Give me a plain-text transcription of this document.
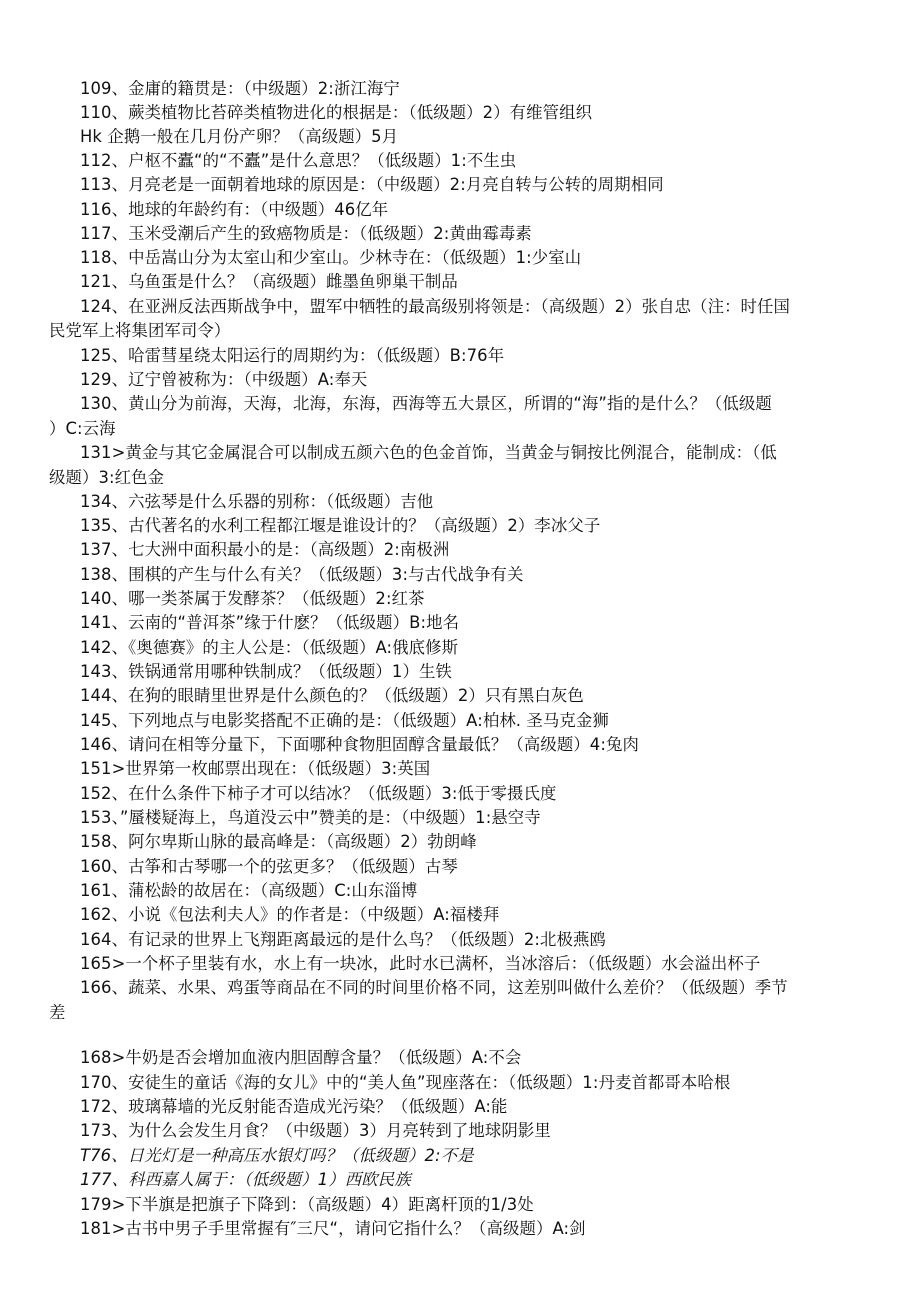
109、金庸的籍贯是：（中级题）2:浙江海宁
110、蕨类植物比苔碎类植物进化的根据是：（低级题）2）有维管组织
Hk 企鹅一般在几月份产卵？（高级题）5月
112、户枢不蠹“的“不蠹”是什么意思？（低级题）1:不生虫
113、月亮老是一面朝着地球的原因是：（中级题）2:月亮自转与公转的周期相同
116、地球的年龄约有：（中级题）46亿年
117、玉米受潮后产生的致癌物质是：（低级题）2:黄曲霉毒素
118、中岳嵩山分为太室山和少室山。少林寺在：（低级题）1:少室山
121、乌鱼蛋是什么？（高级题）雌墨鱼卵巢干制品
124、在亚洲反法西斯战争中，盟军中牺牲的最高级别将领是：（高级题）2）张自忠（注：时任国
民党军上将集团军司令）
125、哈雷彗星绕太阳运行的周期约为：（低级题）B:76年
129、辽宁曾被称为：（中级题）A:奉天
130、黄山分为前海，天海，北海，东海，西海等五大景区，所谓的“海”指的是什么？（低级题
）C:云海
131>黄金与其它金属混合可以制成五颜六色的色金首饰，当黄金与铜按比例混合，能制成：（低
级题）3:红色金
134、六弦琴是什么乐器的别称：（低级题）吉他
135、古代著名的水利工程都江堰是谁设计的？（高级题）2）李冰父子
137、七大洲中面积最小的是：（高级题）2:南极洲
138、围棋的产生与什么有关？（低级题）3:与古代战争有关
140、哪一类茶属于发酵茶？（低级题）2:红茶
141、云南的“普洱茶”缘于什麽？（低级题）B:地名
142、《奥德赛》的主人公是：（低级题）A:俄底修斯
143、铁锅通常用哪种铁制成？（低级题）1）生铁
144、在狗的眼睛里世界是什么颜色的？（低级题）2）只有黑白灰色
145、下列地点与电影奖搭配不正确的是：（低级题）A:柏林. 圣马克金狮
146、请问在相等分量下，下面哪种食物胆固醇含量最低？（高级题）4:兔肉
151>世界第一枚邮票出现在：（低级题）3:英国
152、在什么条件下柿子才可以结冰？（低级题）3:低于零摄氏度
153、”蜃楼疑海上，鸟道没云中”赞美的是：（中级题）1:悬空寺
158、阿尔卑斯山脉的最高峰是：（高级题）2）勃朗峰
160、古筝和古琴哪一个的弦更多？（低级题）古琴
161、蒲松龄的故居在：（高级题）C:山东淄博
162、小说《包法利夫人》的作者是：（中级题）A:福楼拜
164、有记录的世界上飞翔距离最远的是什么鸟？（低级题）2:北极燕鸥
165>一个杯子里装有水，水上有一块冰，此时水已满杯，当冰溶后：（低级题）水会溢出杯子
166、蔬菜、水果、鸡蛋等商品在不同的时间里价格不同，这差别叫做什么差价？（低级题）季节
差
168>牛奶是否会增加血液内胆固醇含量？（低级题）A:不会
170、安徒生的童话《海的女儿》中的“美人鱼”现座落在：（低级题）1:丹麦首都哥本哈根
172、玻璃幕墙的光反射能否造成光污染？（低级题）A:能
173、为什么会发生月食？（中级题）3）月亮转到了地球阴影里
T76、日光灯是一种高压水银灯吗？（低级题）2:不是
177、科西嘉人属于：（低级题）1）西欧民族
179>下半旗是把旗子下降到：（高级题）4）距离杆顶的1/3处
181>古书中男子手里常握有″三尺“，请问它指什么？（高级题）A:剑
